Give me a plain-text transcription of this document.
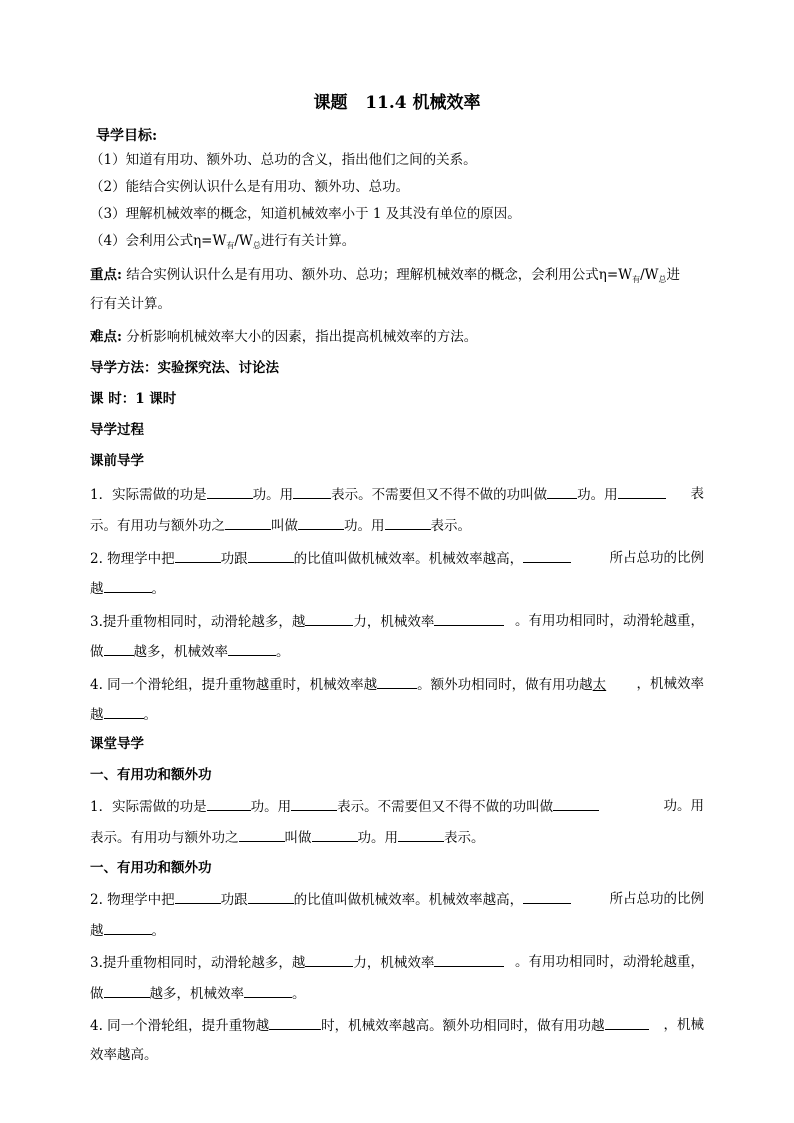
课题   11.4 机械效率
导学目标:
（1）知道有用功、额外功、总功的含义，指出他们之间的关系。
（2）能结合实例认识什么是有用功、额外功、总功。
（3）理解机械效率的概念，知道机械效率小于 1 及其没有单位的原因。
（4）会利用公式$\eta=W_有/W_总$进行有关计算。
重点: 结合实例认识什么是有用功、额外功、总功；理解机械效率的概念，会利用公式$\eta=W_有/W_总$进
行有关计算。
难点: 分析影响机械效率大小的因素，指出提高机械效率的方法。
导学方法：实验探究法、讨论法
课 时：1 课时
导学过程
课前导学
1．实际需做的功是	功。用	表示。不需要但又不得不做的功叫做 功。用	表
示。有用功与额外功之	叫做	功。用	表示。
2. 物理学中把	功跟	的比值叫做机械效率。机械效率越高，	所占总功的比例
越	。
3.提升重物相同时，动滑轮越多，越	力，机械效率	。有用功相同时，动滑轮越重，
做 越多，机械效率	。
4. 同一个滑轮组，提升重物越重时，机械效率越	。额外功相同时，做有用功越太 ，机械效率
越	。
课堂导学
一、有用功和额外功
1．实际需做的功是	功。用	表示。不需要但又不得不做的功叫做	功。用
表示。有用功与额外功之	叫做	功。用	表示。
一、有用功和额外功
2. 物理学中把	功跟	的比值叫做机械效率。机械效率越高，	所占总功的比例
越	。
3.提升重物相同时，动滑轮越多，越	力，机械效率	。有用功相同时，动滑轮越重，
做	越多，机械效率	。
4. 同一个滑轮组，提升重物越	时，机械效率越高。额外功相同时，做有用功越	，机械
效率越高。
